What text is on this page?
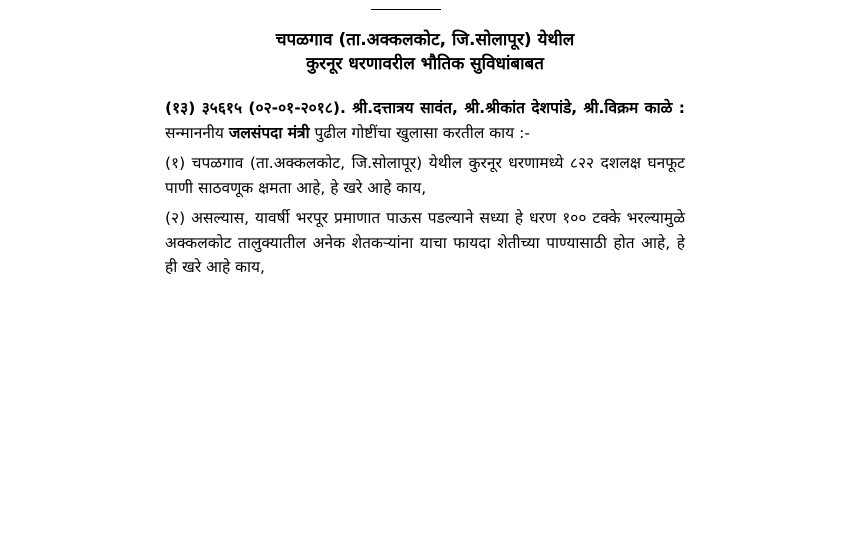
चपळगाव (ता.अक्कलकोट, जि.सोलापूर) येथील
कुरनूर धरणावरील भौतिक सुविधांबाबत

(१३) ३५६१५ (०२-०१-२०१८). श्री.दत्तात्रय सावंत, श्री.श्रीकांत देशपांडे, श्री.विक्रम काळे : सन्माननीय जलसंपदा मंत्री पुढील गोष्टींचा खुलासा करतील काय :-

(१) चपळगाव (ता.अक्कलकोट, जि.सोलापूर) येथील कुरनूर धरणामध्ये ८२२ दशलक्ष घनफूट पाणी साठवणूक क्षमता आहे, हे खरे आहे काय,

(२) असल्यास, यावर्षी भरपूर प्रमाणात पाऊस पडल्याने सध्या हे धरण १०० टक्के भरल्यामुळे अक्कलकोट तालुक्यातील अनेक शेतकऱ्यांना याचा फायदा शेतीच्या पाण्यासाठी होत आहे, हे ही खरे आहे काय,
